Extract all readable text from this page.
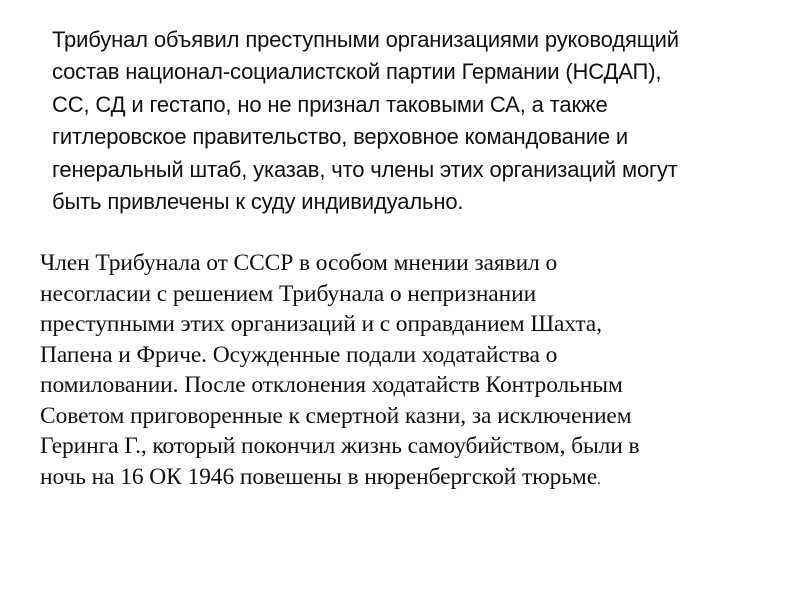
Трибунал объявил преступными организациями руководящий
состав национал-социалистской партии Германии (НСДАП),
СС, СД и гестапо, но не признал таковыми СА, а также
гитлеровское правительство, верховное командование и
генеральный штаб, указав, что члены этих организаций могут
быть привлечены к суду индивидуально.
Член Трибунала от СССР в особом мнении заявил о
несогласии с решением Трибунала о непризнании
преступными этих организаций и с оправданием Шахта,
Папена и Фриче. Осужденные подали ходатайства о
помиловании. После отклонения ходатайств Контрольным
Советом приговоренные к смертной казни, за исключением
Геринга Г., который покончил жизнь самоубийством, были в
ночь на 16 ОК 1946 повешены в нюренбергской тюрьме.
